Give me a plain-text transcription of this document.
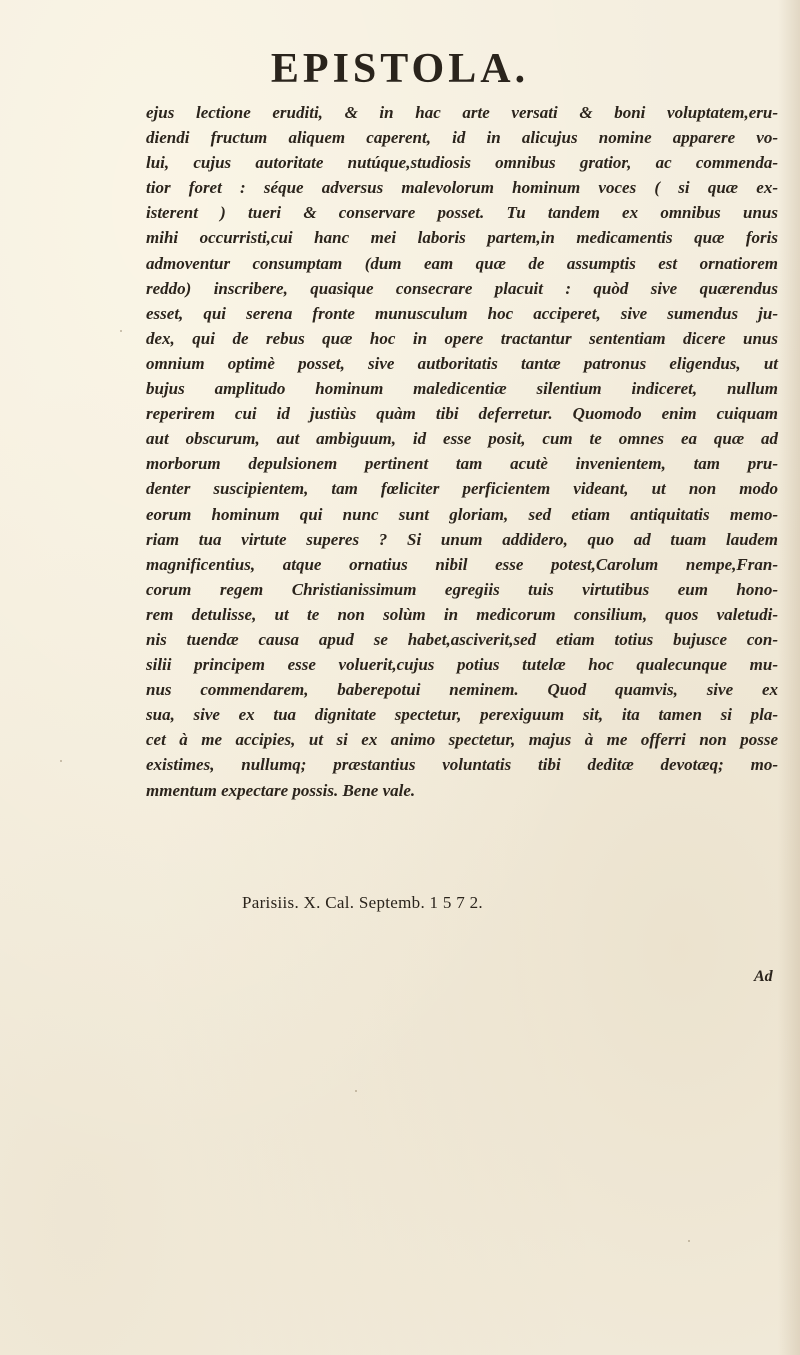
EPISTOLA.
ejus lectione eruditi, & in hac arte versati & boni voluptatem,eru-
diendi fructum aliquem caperent, id in alicujus nomine apparere vo-
lui, cujus autoritate nutúque,studiosis omnibus gratior, ac commenda-
tior foret : séque adversus malevolorum hominum voces ( si quæ ex-
isterent ) tueri & conservare posset. Tu tandem ex omnibus unus
mihi occurristi,cui hanc mei laboris partem,in medicamentis quæ foris
admoventur consumptam (dum eam quæ de assumptis est ornatiorem
reddo) inscribere, quasique consecrare placuit : quòd sive quærendus
esset, qui serena fronte munusculum hoc acciperet, sive sumendus ju-
dex, qui de rebus quæ hoc in opere tractantur sententiam dicere unus
omnium optimè posset, sive autboritatis tantæ patronus eligendus, ut
bujus amplitudo hominum maledicentiæ silentium indiceret, nullum
reperirem cui id justiùs quàm tibi deferretur. Quomodo enim cuiquam
aut obscurum, aut ambiguum, id esse posit, cum te omnes ea quæ ad
morborum depulsionem pertinent tam acutè invenientem, tam pru-
denter suscipientem, tam fœliciter perficientem videant, ut non modo
eorum hominum qui nunc sunt gloriam, sed etiam antiquitatis memo-
riam tua virtute superes ? Si unum addidero, quo ad tuam laudem
magnificentius, atque ornatius nibil esse potest,Carolum nempe,Fran-
corum regem Christianissimum egregiis tuis virtutibus eum hono-
rem detulisse, ut te non solùm in medicorum consilium, quos valetudi-
nis tuendæ causa apud se habet,asciverit,sed etiam totius bujusce con-
silii principem esse voluerit,cujus potius tutelæ hoc qualecunque mu-
nus commendarem, baberepotui neminem. Quod quamvis, sive ex
sua, sive ex tua dignitate spectetur, perexiguum sit, ita tamen si pla-
cet à me accipies, ut si ex animo spectetur, majus à me offerri non posse
existimes, nullumq; præstantius voluntatis tibi deditæ devotæq; mo-
mmentum expectare possis. Bene vale.
Parisiis. X. Cal. Septemb. 1 5 7 2.
Ad
